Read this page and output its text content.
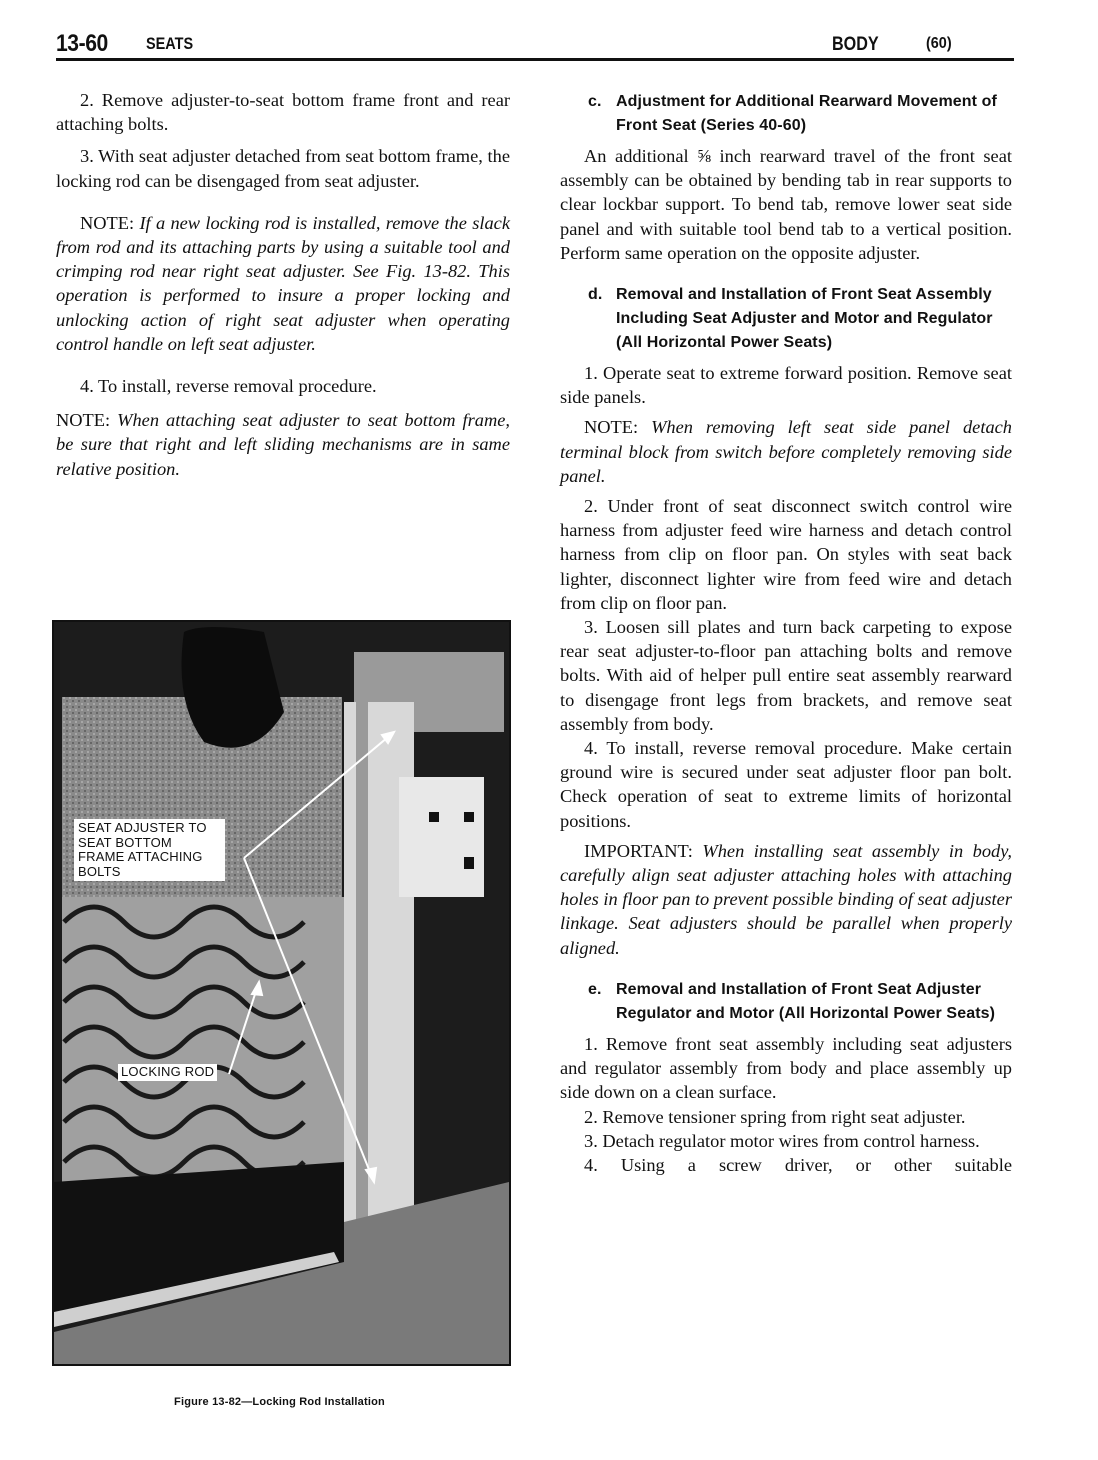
13-60 SEATS	BODY	(60)

2. Remove adjuster-to-seat bottom frame front and rear attaching bolts.

3. With seat adjuster detached from seat bottom frame, the locking rod can be disengaged from seat adjuster.

NOTE: If a new locking rod is installed, remove the slack from rod and its attaching parts by using a suitable tool and crimping rod near right seat adjuster. See Fig. 13-82. This operation is performed to insure a proper locking and unlocking action of right seat adjuster when operating control handle on left seat adjuster.

4. To install, reverse removal procedure.

NOTE: When attaching seat adjuster to seat bottom frame, be sure that right and left sliding mechanisms are in same relative position.

SEAT ADJUSTER TO SEAT BOTTOM FRAME ATTACHING BOLTS
LOCKING ROD
Figure 13-82—Locking Rod Installation

c. Adjustment for Additional Rearward Movement of Front Seat (Series 40-60)

An additional ⅝ inch rearward travel of the front seat assembly can be obtained by bending tab in rear supports to clear lockbar support. To bend tab, remove lower seat side panel and with suitable tool bend tab to a vertical position. Perform same operation on the opposite adjuster.

d. Removal and Installation of Front Seat Assembly Including Seat Adjuster and Motor and Regulator (All Horizontal Power Seats)

1. Operate seat to extreme forward position. Remove seat side panels.

NOTE: When removing left seat side panel detach terminal block from switch before completely removing side panel.

2. Under front of seat disconnect switch control wire harness from adjuster feed wire harness and detach control harness from clip on floor pan. On styles with seat back lighter, disconnect lighter wire from feed wire and detach from clip on floor pan.

3. Loosen sill plates and turn back carpeting to expose rear seat adjuster-to-floor pan attaching bolts and remove bolts. With aid of helper pull entire seat assembly rearward to disengage front legs from brackets, and remove seat assembly from body.

4. To install, reverse removal procedure. Make certain ground wire is secured under seat adjuster floor pan bolt. Check operation of seat to extreme limits of horizontal positions.

IMPORTANT: When installing seat assembly in body, carefully align seat adjuster attaching holes with attaching holes in floor pan to prevent possible binding of seat adjuster linkage. Seat adjusters should be parallel when properly aligned.

e. Removal and Installation of Front Seat Adjuster Regulator and Motor (All Horizontal Power Seats)

1. Remove front seat assembly including seat adjusters and regulator assembly from body and place assembly up side down on a clean surface.

2. Remove tensioner spring from right seat adjuster.

3. Detach regulator motor wires from control harness.

4. Using a screw driver, or other suitable
